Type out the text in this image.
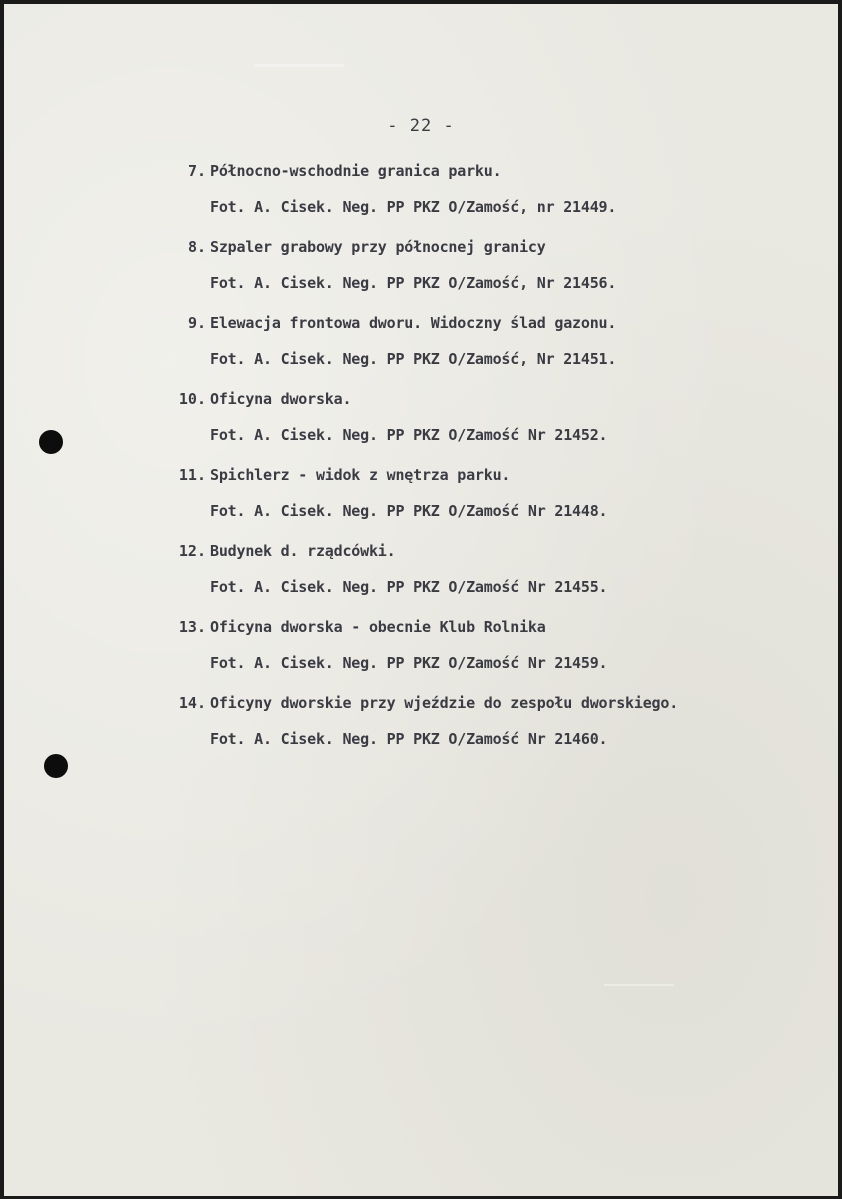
- 22 -
7. Północno-wschodnie granica parku.
Fot. A. Cisek. Neg. PP PKZ O/Zamość, nr 21449.
8. Szpaler grabowy przy północnej granicy
Fot. A. Cisek. Neg. PP PKZ O/Zamość, Nr 21456.
9. Elewacja frontowa dworu. Widoczny ślad gazonu.
Fot. A. Cisek. Neg. PP PKZ O/Zamość, Nr 21451.
10. Oficyna dworska.
Fot. A. Cisek. Neg. PP PKZ O/Zamość Nr 21452.
11. Spichlerz - widok z wnętrza parku.
Fot. A. Cisek. Neg. PP PKZ O/Zamość Nr 21448.
12. Budynek d. rządcówki.
Fot. A. Cisek. Neg. PP PKZ O/Zamość Nr 21455.
13. Oficyna dworska - obecnie Klub Rolnika
Fot. A. Cisek. Neg. PP PKZ O/Zamość Nr 21459.
14. Oficyny dworskie przy wjeździe do zespołu dworskiego.
Fot. A. Cisek. Neg. PP PKZ O/Zamość Nr 21460.
